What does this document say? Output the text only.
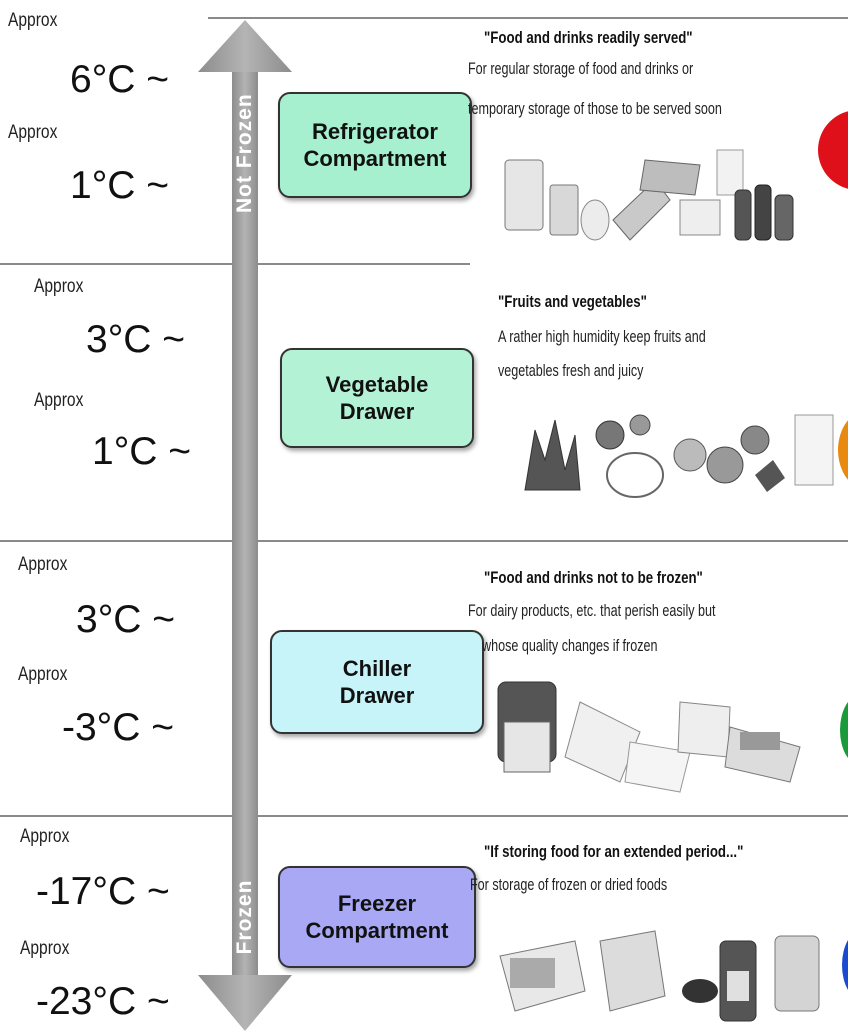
Not Frozen
Frozen
Approx
6°C ~
Approx
1°C ~
Refrigerator
Compartment
"Food and drinks readily served"
For regular storage of food and drinks or
temporary storage of those to be served soon
Approx
3°C ~
Approx
1°C ~
Vegetable
Drawer
"Fruits and vegetables"
A rather high humidity keep fruits and
vegetables fresh and juicy
Approx
3°C ~
Approx
-3°C ~
Chiller
Drawer
"Food and drinks not to be frozen"
For dairy products, etc. that perish easily but
whose quality changes if frozen
Approx
-17°C ~
Approx
-23°C ~
Freezer
Compartment
"If storing food for an extended period..."
For storage of frozen or dried foods
